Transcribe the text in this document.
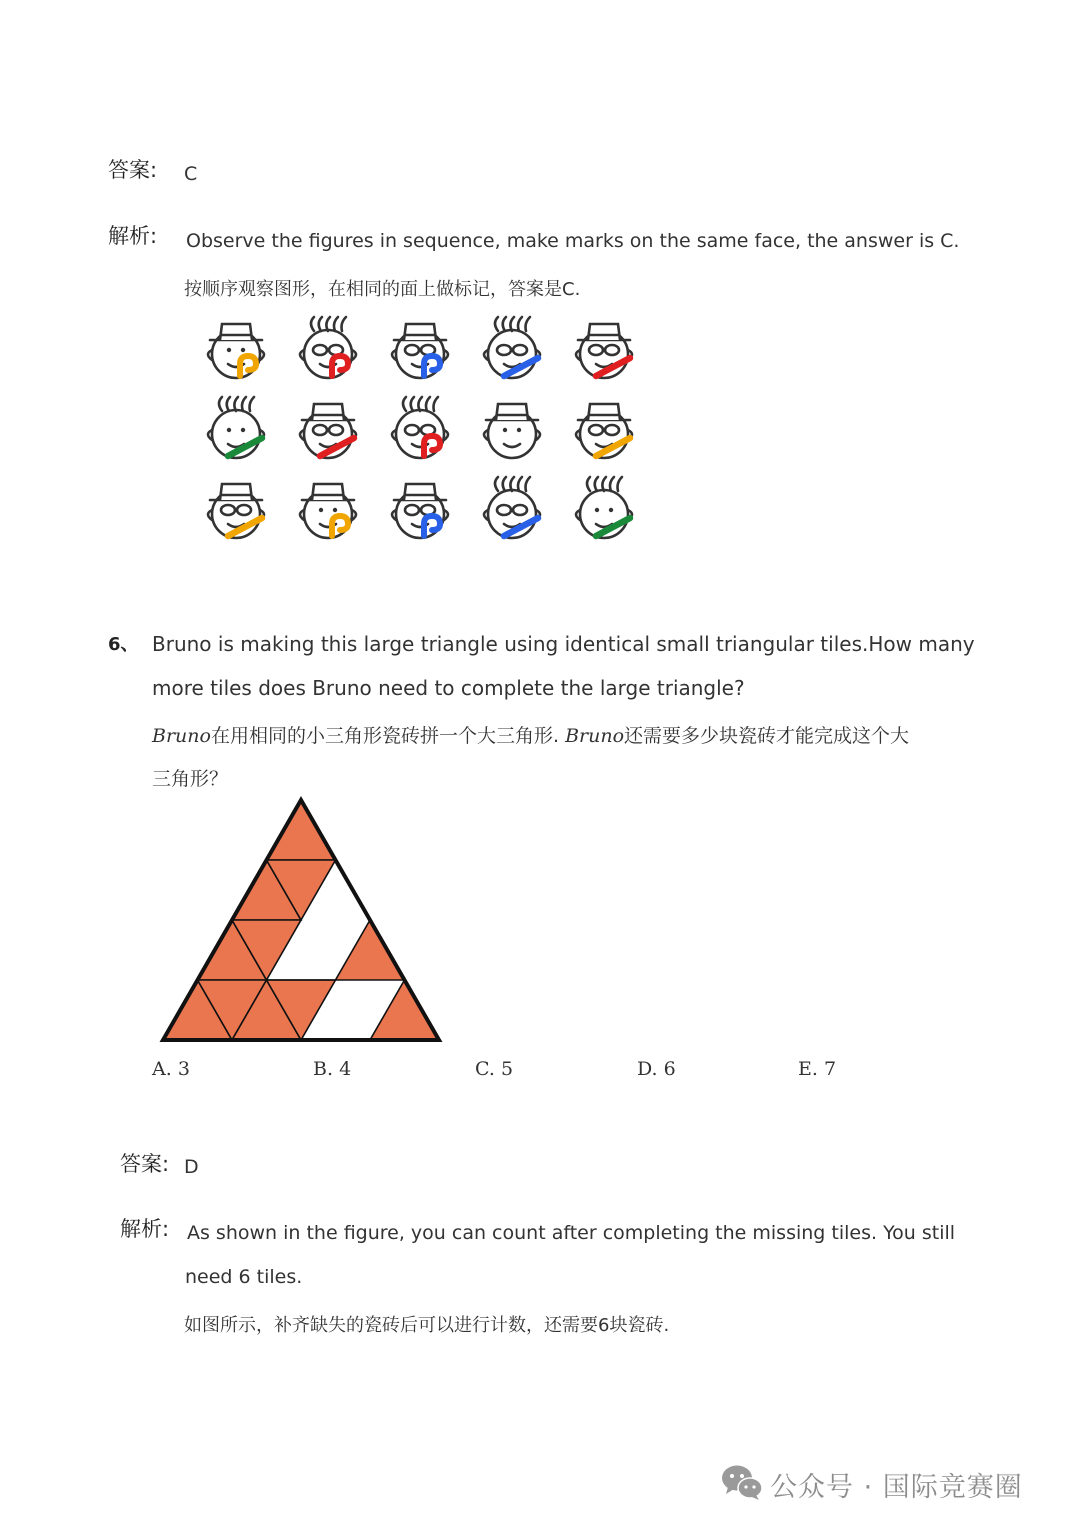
答案: C
解析: Observe the figures in sequence, make marks on the same face, the answer is C.
按顺序观察图形，在相同的面上做标记，答案是C.
6、 Bruno is making this large triangle using identical small triangular tiles.How many
more tiles does Bruno need to complete the large triangle?
Bruno在用相同的小三角形瓷砖拼一个大三角形. Bruno还需要多少块瓷砖才能完成这个大
三角形？
A. 3	B. 4	C. 5	D. 6	E. 7
答案: D
解析: As shown in the figure, you can count after completing the missing tiles. You still
need 6 tiles.
如图所示，补齐缺失的瓷砖后可以进行计数，还需要6块瓷砖.
公众号 · 国际竞赛圈
